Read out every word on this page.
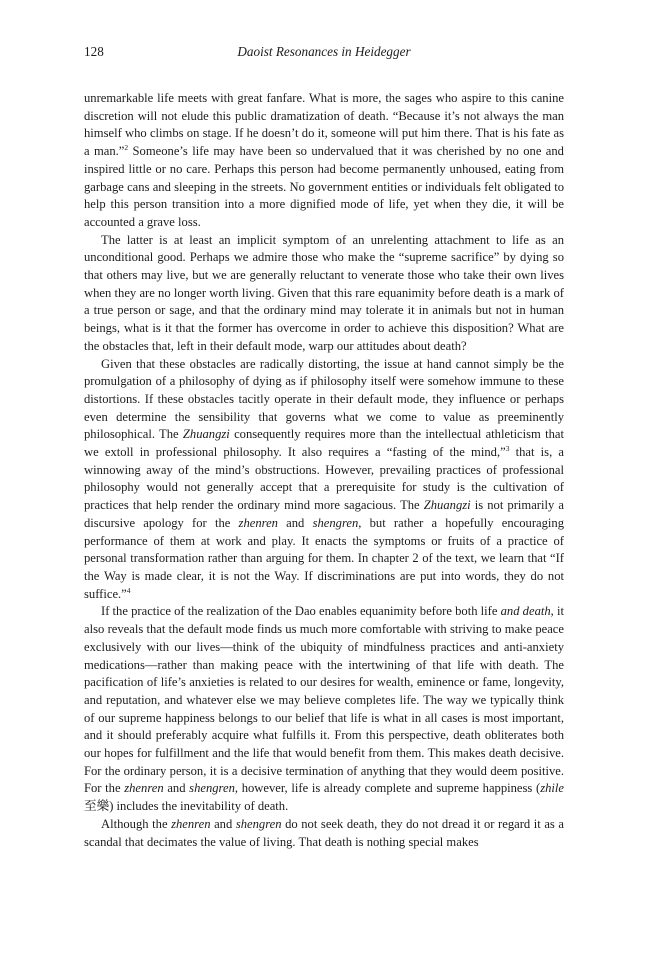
128	Daoist Resonances in Heidegger

unremarkable life meets with great fanfare. What is more, the sages who aspire to this canine discretion will not elude this public dramatization of death. “Because it’s not always the man himself who climbs on stage. If he doesn’t do it, someone will put him there. That is his fate as a man.”$^2$ Someone’s life may have been so undervalued that it was cherished by no one and inspired little or no care. Perhaps this person had become permanently unhoused, eating from garbage cans and sleeping in the streets. No government entities or individuals felt obligated to help this person transition into a more dignified mode of life, yet when they die, it will be accounted a grave loss.

The latter is at least an implicit symptom of an unrelenting attachment to life as an unconditional good. Perhaps we admire those who make the “supreme sacrifice” by dying so that others may live, but we are generally reluctant to venerate those who take their own lives when they are no longer worth living. Given that this rare equanimity before death is a mark of a true person or sage, and that the ordinary mind may tolerate it in animals but not in human beings, what is it that the former has overcome in order to achieve this disposition? What are the obstacles that, left in their default mode, warp our attitudes about death?

Given that these obstacles are radically distorting, the issue at hand cannot simply be the promulgation of a philosophy of dying as if philosophy itself were somehow immune to these distortions. If these obstacles tacitly operate in their default mode, they influence or perhaps even determine the sensibility that governs what we come to value as preeminently philosophical. The Zhuangzi consequently requires more than the intellectual athleticism that we extoll in professional philosophy. It also requires a “fasting of the mind,”$^3$ that is, a winnowing away of the mind’s obstructions. However, prevailing practices of professional philosophy would not generally accept that a prerequisite for study is the cultivation of practices that help render the ordinary mind more sagacious. The Zhuangzi is not primarily a discursive apology for the zhenren and shengren, but rather a hopefully encouraging performance of them at work and play. It enacts the symptoms or fruits of a practice of personal transformation rather than arguing for them. In chapter 2 of the text, we learn that “If the Way is made clear, it is not the Way. If discriminations are put into words, they do not suffice.”$^4$

If the practice of the realization of the Dao enables equanimity before both life and death, it also reveals that the default mode finds us much more comfortable with striving to make peace exclusively with our lives—think of the ubiquity of mindfulness practices and anti-anxiety medications—rather than making peace with the intertwining of that life with death. The pacification of life’s anxieties is related to our desires for wealth, eminence or fame, longevity, and reputation, and whatever else we may believe completes life. The way we typically think of our supreme happiness belongs to our belief that life is what in all cases is most important, and it should preferably acquire what fulfills it. From this perspective, death obliterates both our hopes for fulfillment and the life that would benefit from them. This makes death decisive. For the ordinary person, it is a decisive termination of anything that they would deem positive. For the zhenren and shengren, however, life is already complete and supreme happiness (zhile 至樂) includes the inevitability of death.

Although the zhenren and shengren do not seek death, they do not dread it or regard it as a scandal that decimates the value of living. That death is nothing special makes
